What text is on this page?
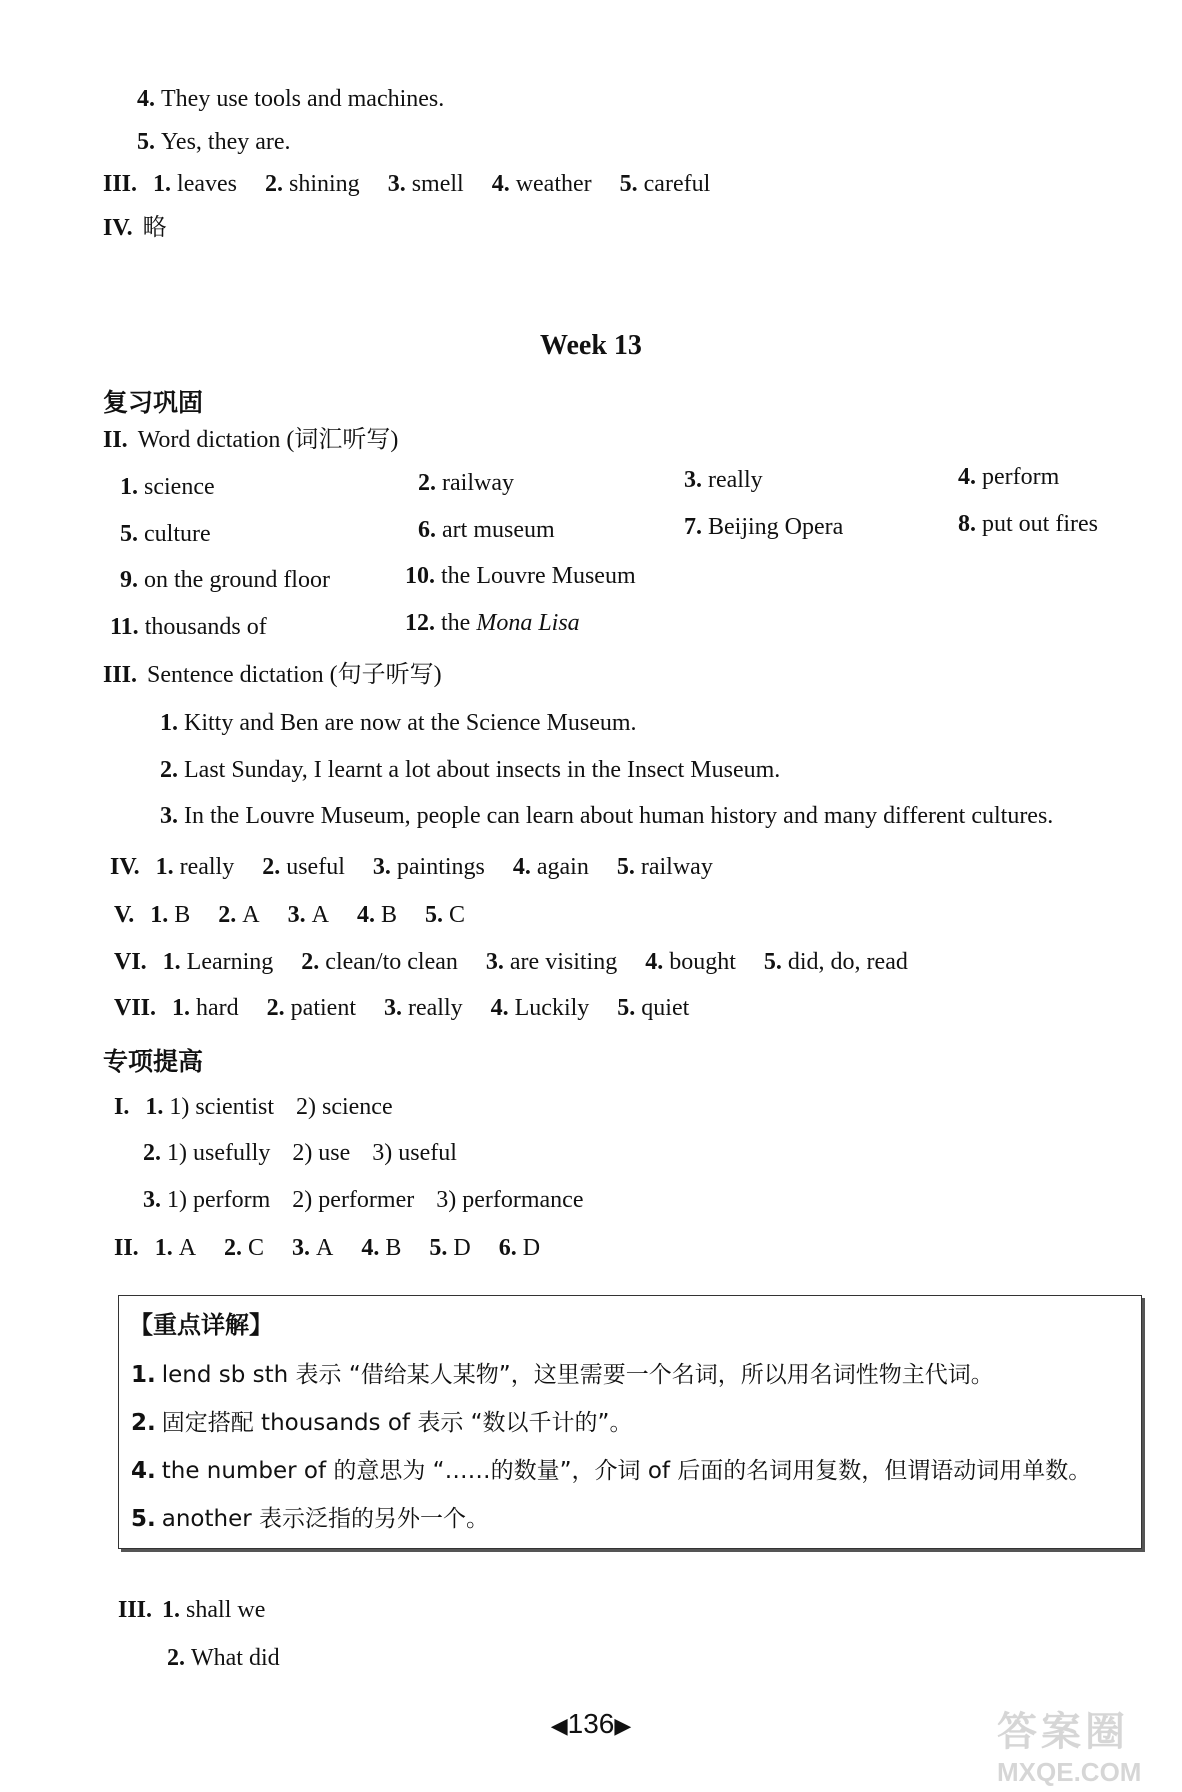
4. They use tools and machines.
5. Yes, they are.
III. 1. leaves 2. shining 3. smell 4. weather 5. careful
IV. 略
Week 13
复习巩固
II. Word dictation (词汇听写)
1. science	2. railway	3. really	4. perform
5. culture	6. art museum	7. Beijing Opera	8. put out fires
9. on the ground floor	10. the Louvre Museum
11. thousands of	12. the Mona Lisa
III. Sentence dictation (句子听写)
1. Kitty and Ben are now at the Science Museum.
2. Last Sunday, I learnt a lot about insects in the Insect Museum.
3. In the Louvre Museum, people can learn about human history and many different cultures.
IV. 1. really 2. useful 3. paintings 4. again 5. railway
V. 1. B 2. A 3. A 4. B 5. C
VI. 1. Learning 2. clean/to clean 3. are visiting 4. bought 5. did, do, read
VII. 1. hard 2. patient 3. really 4. Luckily 5. quiet
专项提高
I. 1. 1) scientist 2) science
2. 1) usefully 2) use 3) useful
3. 1) perform 2) performer 3) performance
II. 1. A 2. C 3. A 4. B 5. D 6. D
【重点详解】
1. lend sb sth 表示 “借给某人某物”，这里需要一个名词，所以用名词性物主代词。
2. 固定搭配 thousands of 表示 “数以千计的”。
4. the number of 的意思为 “……的数量”，介词 of 后面的名词用复数，但谓语动词用单数。
5. another 表示泛指的另外一个。
III. 1. shall we
2. What did
◀136▶	答案圈
MXQE.COM
